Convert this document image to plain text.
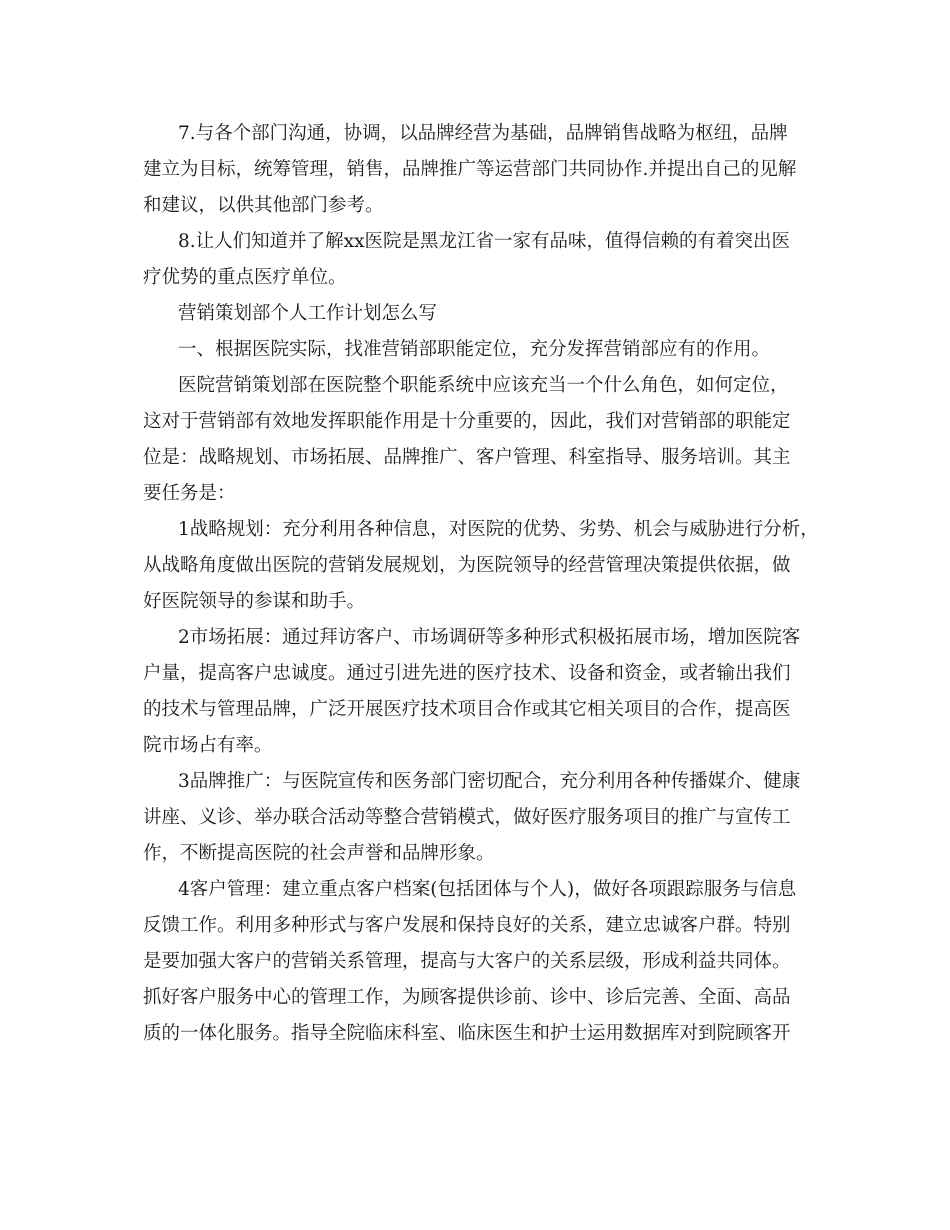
7.与各个部门沟通，协调，以品牌经营为基础，品牌销售战略为枢纽，品牌
建立为目标，统筹管理，销售，品牌推广等运营部门共同协作.并提出自己的见解
和建议，以供其他部门参考。
8.让人们知道并了解xx医院是黑龙江省一家有品味，值得信赖的有着突出医
疗优势的重点医疗单位。
营销策划部个人工作计划怎么写
一、根据医院实际，找准营销部职能定位，充分发挥营销部应有的作用。
医院营销策划部在医院整个职能系统中应该充当一个什么角色，如何定位，
这对于营销部有效地发挥职能作用是十分重要的，因此，我们对营销部的职能定
位是：战略规划、市场拓展、品牌推广、客户管理、科室指导、服务培训。其主
要任务是：
1战略规划：充分利用各种信息，对医院的优势、劣势、机会与威胁进行分析，
从战略角度做出医院的营销发展规划，为医院领导的经营管理决策提供依据，做
好医院领导的参谋和助手。
2市场拓展：通过拜访客户、市场调研等多种形式积极拓展市场，增加医院客
户量，提高客户忠诚度。通过引进先进的医疗技术、设备和资金，或者输出我们
的技术与管理品牌，广泛开展医疗技术项目合作或其它相关项目的合作，提高医
院市场占有率。
3品牌推广：与医院宣传和医务部门密切配合，充分利用各种传播媒介、健康
讲座、义诊、举办联合活动等整合营销模式，做好医疗服务项目的推广与宣传工
作，不断提高医院的社会声誉和品牌形象。
4客户管理：建立重点客户档案(包括团体与个人)，做好各项跟踪服务与信息
反馈工作。利用多种形式与客户发展和保持良好的关系，建立忠诚客户群。特别
是要加强大客户的营销关系管理，提高与大客户的关系层级，形成利益共同体。
抓好客户服务中心的管理工作，为顾客提供诊前、诊中、诊后完善、全面、高品
质的一体化服务。指导全院临床科室、临床医生和护士运用数据库对到院顾客开
